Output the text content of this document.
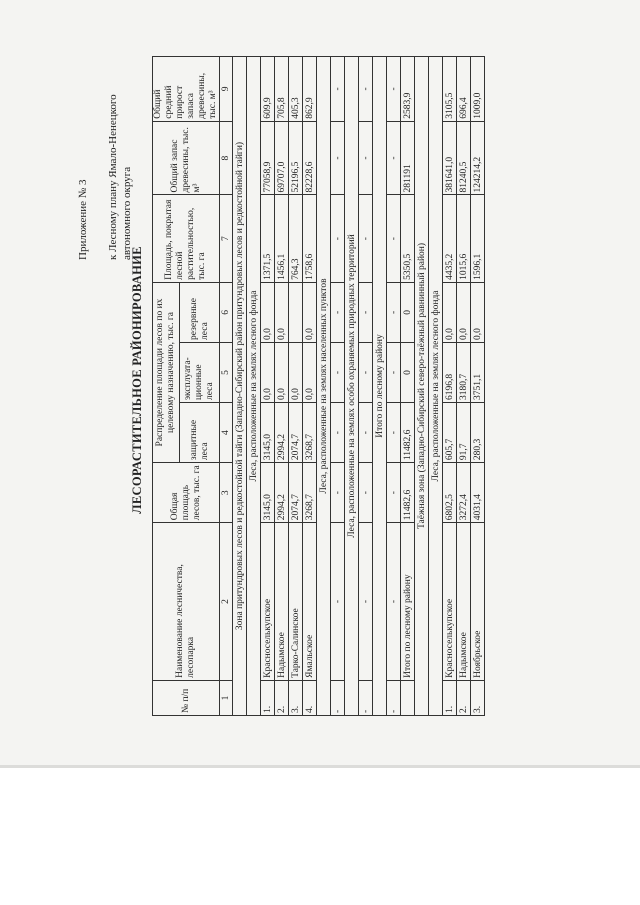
Приложение № 3 к Лесному плану Ямало-Ненецкого автономного округа
ЛЕСОРАСТИТЕЛЬНОЕ РАЙОНИРОВАНИЕ
№ п/п	Наименование лесничества, лесопарка	Общая площадь лесов, тыс. га	Распределение площади лесов по их целевому назначению, тыс. га			Площадь, покрытая лесной растительностью, тыс. га	Общий запас древесины, тыс. м³	Общий средний прирост запаса древесины, тыс. м³
			защитные леса	эксплуата-ционные леса	резервные леса			
1	2	3	4	5	6	7	8	9
Зона притундровых лесов и редкостойной тайги (Западно-Сибирский район притундровых лесов и редкостойной тайги)								
Леса, расположенные на землях лесного фонда								
1.	Красноселькупское	3145,0	3145,0	0,0	0,0	1371,5	77058,9	609,9
2.	Надымское	2994,2	2994,2	0,0	0,0	1456,1	69707,0	705,8
3.	Тарко-Салинское	2074,7	2074,7	0,0		764,3	52196,5	405,3
4.	Ямальское	3268,7	3268,7	0,0	0,0	1758,6	82228,6	862,9
Леса, расположенные на землях населенных пунктов								
-	-	-	-	-	-	-	-	-
Леса, расположенные на землях особо охраняемых природных территорий								
-	-	-	-	-	-	-	-	-
Итого по лесному району								
-	-	-	-	-	-	-	-	-
	Итого по лесному району	11482,6	11482,6	0	0	5350,5	281191	2583,9
Таёжная зона (Западно-Сибирский северо-таёжный равнинный район)								
Леса, расположенные на землях лесного фонда								
1.	Красноселькупское	6802,5	605,7	6196,8	0,0	4435,2	381641,0	3105,5
2.	Надымское	3272,4	91,7	3180,7	0,0	1015,6	81240,5	696,4
3.	Ноябрьское	4031,4	280,3	3751,1	0,0	1596,1	124214,2	1009,0
